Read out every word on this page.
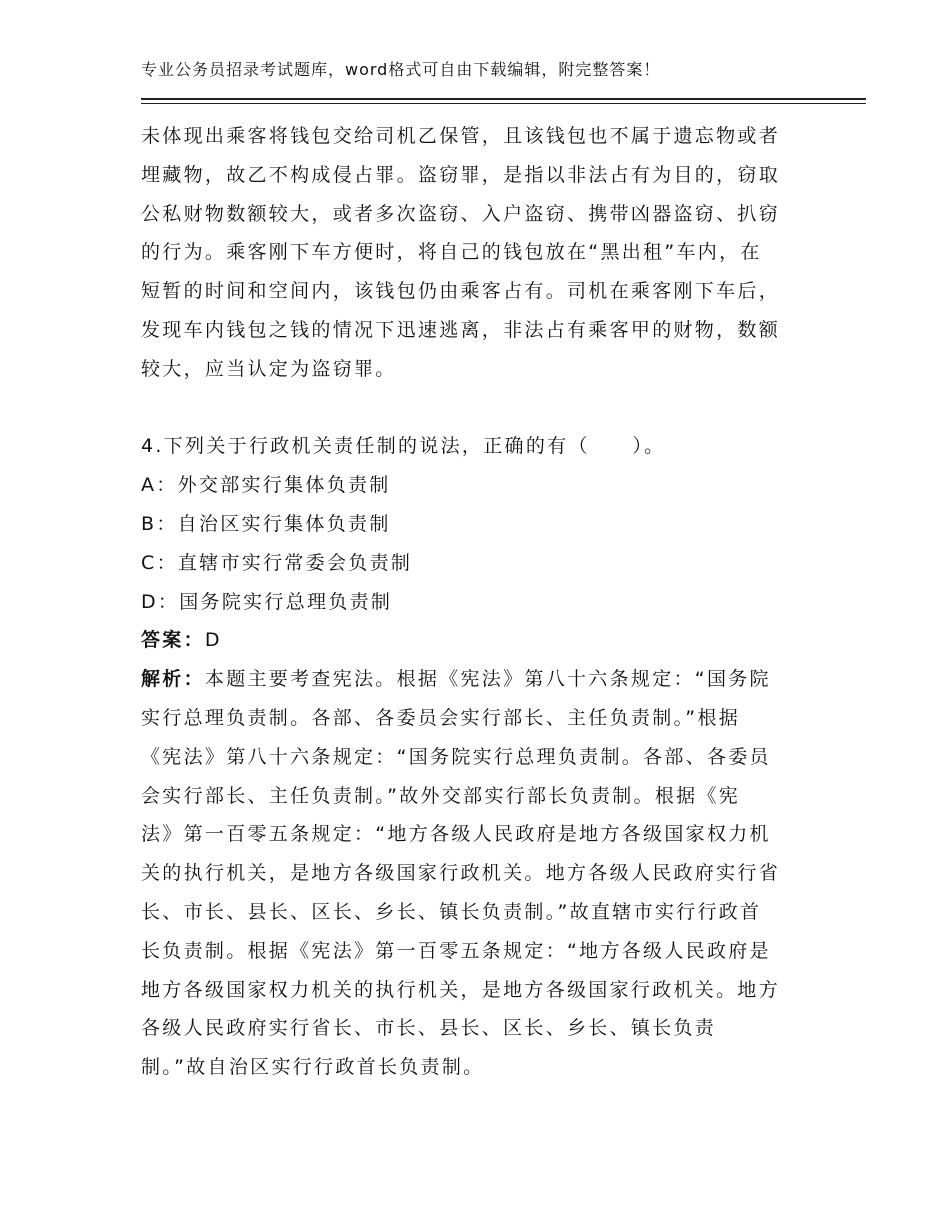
专业公务员招录考试题库，word格式可自由下载编辑，附完整答案！
未体现出乘客将钱包交给司机乙保管，且该钱包也不属于遗忘物或者
埋藏物，故乙不构成侵占罪。盗窃罪，是指以非法占有为目的，窃取
公私财物数额较大，或者多次盗窃、入户盗窃、携带凶器盗窃、扒窃
的行为。乘客刚下车方便时，将自己的钱包放在“黑出租”车内，在
短暂的时间和空间内，该钱包仍由乘客占有。司机在乘客刚下车后，
发现车内钱包之钱的情况下迅速逃离，非法占有乘客甲的财物，数额
较大，应当认定为盗窃罪。
4.下列关于行政机关责任制的说法，正确的有（　　）。
A：外交部实行集体负责制
B：自治区实行集体负责制
C：直辖市实行常委会负责制
D：国务院实行总理负责制
答案：D
解析：本题主要考查宪法。根据《宪法》第八十六条规定：“国务院
实行总理负责制。各部、各委员会实行部长、主任负责制。”根据
《宪法》第八十六条规定：“国务院实行总理负责制。各部、各委员
会实行部长、主任负责制。”故外交部实行部长负责制。根据《宪
法》第一百零五条规定：“地方各级人民政府是地方各级国家权力机
关的执行机关，是地方各级国家行政机关。地方各级人民政府实行省
长、市长、县长、区长、乡长、镇长负责制。”故直辖市实行行政首
长负责制。根据《宪法》第一百零五条规定：“地方各级人民政府是
地方各级国家权力机关的执行机关，是地方各级国家行政机关。地方
各级人民政府实行省长、市长、县长、区长、乡长、镇长负责
制。”故自治区实行行政首长负责制。
